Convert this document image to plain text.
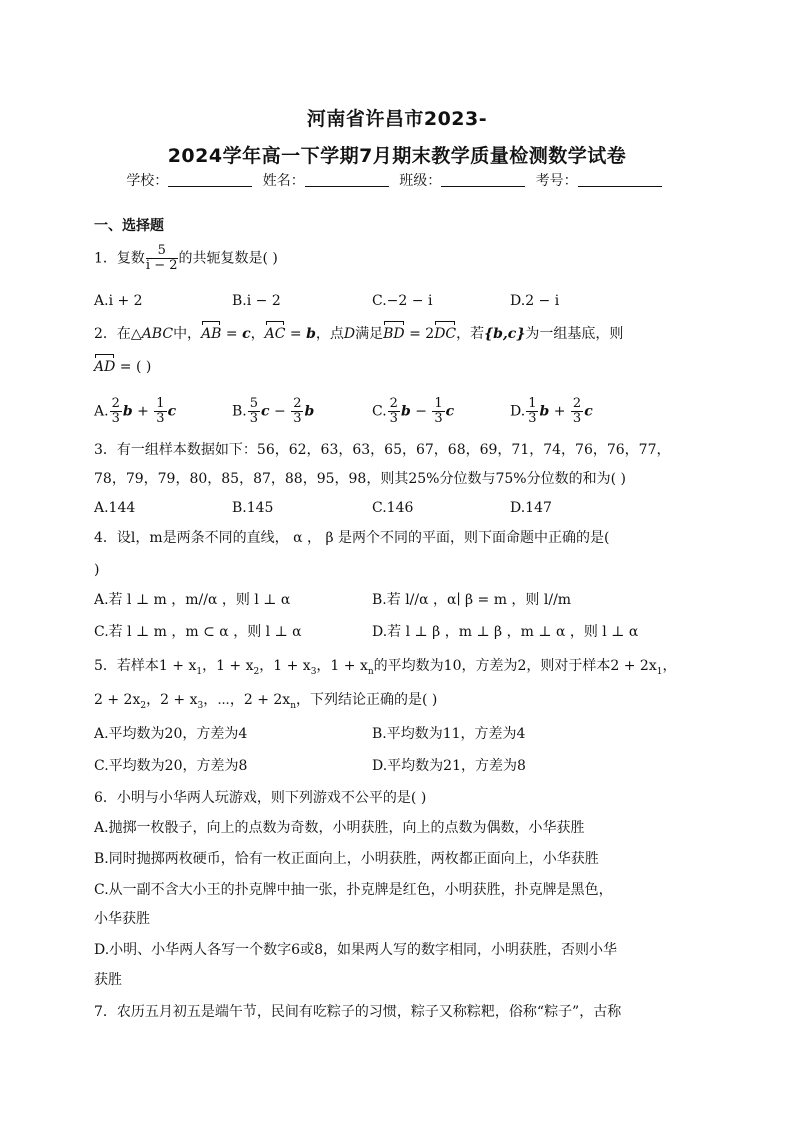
河南省许昌市2023-
2024学年高一下学期7月期末教学质量检测数学试卷
学校：	姓名：	班级：	考号：
一、选择题
1．复数 $\frac{5}{i - 2}$ 的共轭复数是( )
A.i + 2	B.i − 2	C.−2 − i	D.2 − i
2．在△ABC中，AB = c，AC = b，点D满足BD = 2DC，若{b,c}为一组基底，则
AD = ( )
A. $\frac{2}{3}$ $b + \frac{1}{3}$ c	B. $\frac{5}{3}$ $c - \frac{2}{3}$ b	C. $\frac{2}{3}$ $b - \frac{1}{3}$ c	D. $\frac{1}{3}$ $b + \frac{2}{3}$ c
3．有一组样本数据如下：56，62，63，63，65，67，68，69，71，74，76，76，77，
78，79，79，80，85，87，88，95，98，则其25%分位数与75%分位数的和为( )
A.144	B.145	C.146	D.147
4．设l，m是两条不同的直线， α ， β 是两个不同的平面，则下面命题中正确的是(
)
A.若 l ⊥ m ，m//α ，则 l ⊥ α	B.若 l//α ，α∣ β = m ，则 l//m
C.若 l ⊥ m ，m ⊂ α ，则 l ⊥ α	D.若 l ⊥ β ，m ⊥ β ，m ⊥ α ，则 l ⊥ α
5．若样本$1 + x_1$，$1 + x_2$，$1 + x_3$，$1 + x_n$的平均数为10，方差为2，则对于样本$2 + 2x_1$，
$2 + 2x_2$，$2 + x_3$，⋯，$2 + 2x_n$，下列结论正确的是( )
A.平均数为20，方差为4	B.平均数为11，方差为4
C.平均数为20，方差为8	D.平均数为21，方差为8
6．小明与小华两人玩游戏，则下列游戏不公平的是( )
A.抛掷一枚骰子，向上的点数为奇数，小明获胜，向上的点数为偶数，小华获胜
B.同时抛掷两枚硬币，恰有一枚正面向上，小明获胜，两枚都正面向上，小华获胜
C.从一副不含大小王的扑克牌中抽一张，扑克牌是红色，小明获胜，扑克牌是黑色，
小华获胜
D.小明、小华两人各写一个数字6或8，如果两人写的数字相同，小明获胜，否则小华
获胜
7．农历五月初五是端午节，民间有吃粽子的习惯，粽子又称粽粑，俗称“粽子”，古称
